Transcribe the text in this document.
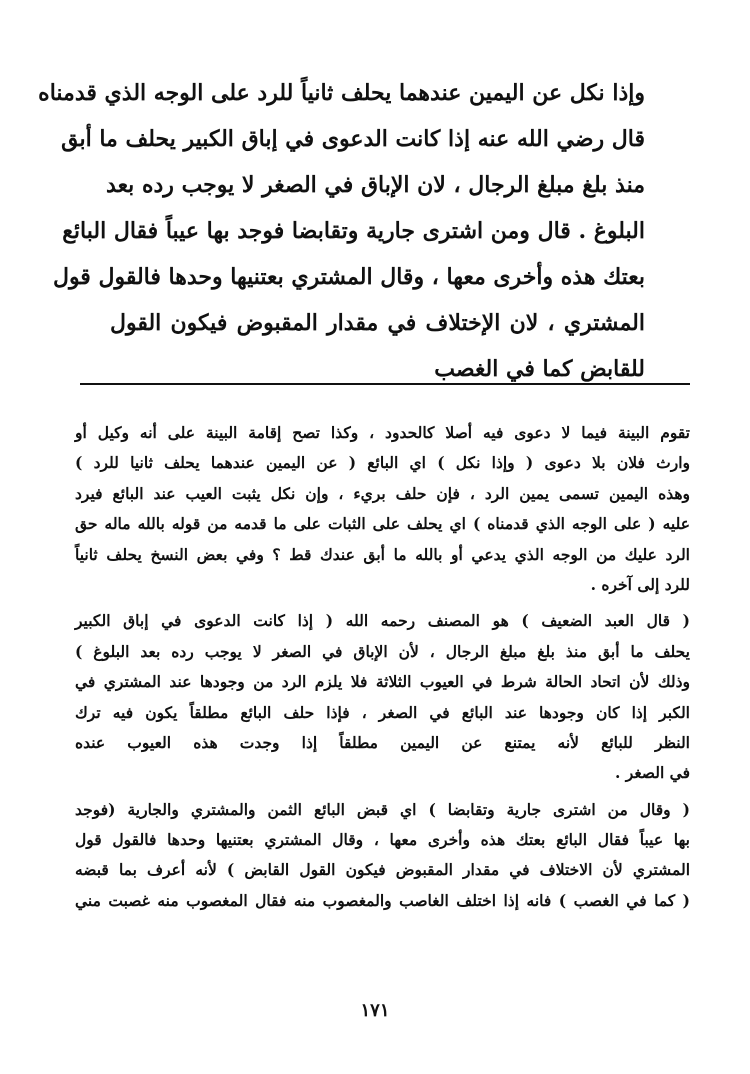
وإذا نكل عن اليمين عندهما يحلف ثانياً للرد على الوجه الذي قدمناه
قال رضي الله عنه إذا كانت الدعوى في إباق الكبير يحلف ما أبق
منذ بلغ مبلغ الرجال ، لان الإباق في الصغر لا يوجب رده بعد
البلوغ . قال ومن اشترى جارية وتقابضا فوجد بها عيباً فقال البائع
بعتك هذه وأخرى معها ، وقال المشتري بعتنيها وحدها فالقول قول
المشتري ، لان الإختلاف في مقدار المقبوض فيكون القول
للقابض كما في الغصب
تقوم البينة فيما لا دعوى فيه أصلا كالحدود ، وكذا تصح إقامة البينة على أنه وكيل أو
وارث فلان بلا دعوى ( وإذا نكل ) اي البائع ( عن اليمين عندهما يحلف ثانيا للرد )
وهذه اليمين تسمى يمين الرد ، فإن حلف بريء ، وإن نكل يثبت العيب عند البائع فيرد
عليه ( على الوجه الذي قدمناه ) اي يحلف على الثبات على ما قدمه من قوله بالله ماله حق
الرد عليك من الوجه الذي يدعي أو بالله ما أبق عندك قط ؟ وفي بعض النسخ يحلف ثانياً
للرد إلى آخره .
( قال العبد الضعيف ) هو المصنف رحمه الله ( إذا كانت الدعوى في إباق الكبير
يحلف ما أبق منذ بلغ مبلغ الرجال ، لأن الإباق في الصغر لا يوجب رده بعد البلوغ )
وذلك لأن اتحاد الحالة شرط في العيوب الثلاثة فلا يلزم الرد من وجودها عند المشتري في
الكبر إذا كان وجودها عند البائع في الصغر ، فإذا حلف البائع مطلقاً يكون فيه ترك
النظر للبائع لأنه يمتنع عن اليمين مطلقاً إذا وجدت هذه العيوب عنده
في الصغر .
( وقال من اشترى جارية وتقابضا ) اي قبض البائع الثمن والمشتري والجارية (فوجد
بها عيباً فقال البائع بعتك هذه وأخرى معها ، وقال المشتري بعتنيها وحدها فالقول قول
المشتري لأن الاختلاف في مقدار المقبوض فيكون القول القابض ) لأنه أعرف بما قبضه
( كما في الغصب ) فانه إذا اختلف الغاصب والمغصوب منه فقال المغصوب منه غصبت مني
١٧١
